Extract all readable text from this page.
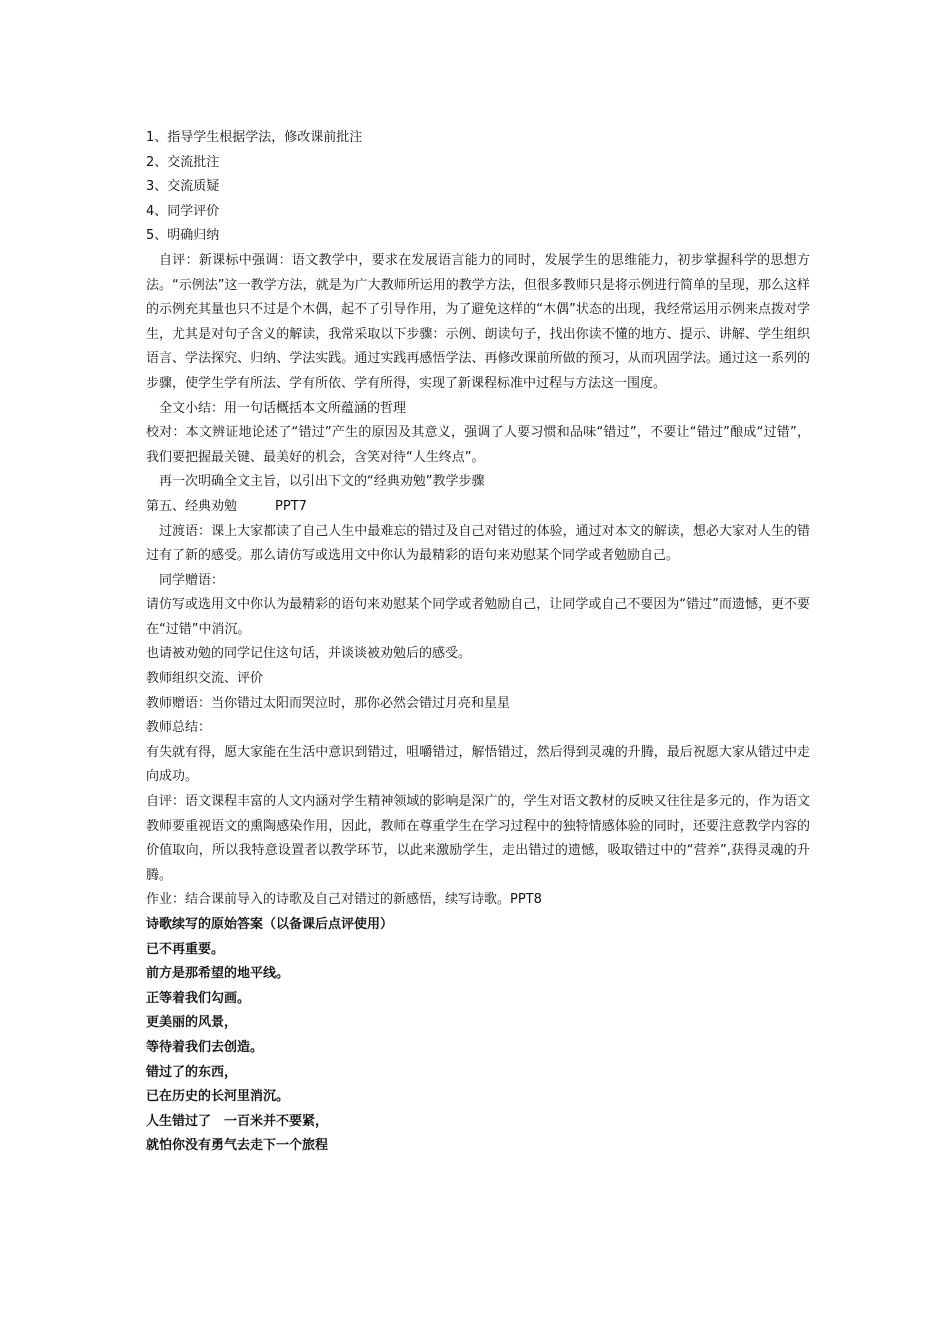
1、指导学生根据学法，修改课前批注
2、交流批注
3、交流质疑
4、同学评价
5、明确归纳

自评：新课标中强调：语文教学中，要求在发展语言能力的同时，发展学生的思维能力，初步掌握科学的思想方法。“示例法”这一教学方法，就是为广大教师所运用的教学方法，但很多教师只是将示例进行简单的呈现，那么这样的示例充其量也只不过是个木偶，起不了引导作用，为了避免这样的“木偶”状态的出现，我经常运用示例来点拨对学生，尤其是对句子含义的解读，我常采取以下步骤：示例、朗读句子，找出你读不懂的地方、提示、讲解、学生组织语言、学法探究、归纳、学法实践。通过实践再感悟学法、再修改课前所做的预习，从而巩固学法。通过这一系列的步骤，使学生学有所法、学有所依、学有所得，实现了新课程标准中过程与方法这一围度。

全文小结：用一句话概括本文所蕴涵的哲理

校对：本文辨证地论述了“错过”产生的原因及其意义，强调了人要习惯和品味“错过”，不要让“错过”酿成“过错”，我们要把握最关键、最美好的机会，含笑对待“人生终点”。

再一次明确全文主旨，以引出下文的“经典劝勉”教学步骤
第五、经典劝勉	PPT7

过渡语：课上大家都读了自己人生中最难忘的错过及自己对错过的体验，通过对本文的解读，想必大家对人生的错过有了新的感受。那么请仿写或选用文中你认为最精彩的语句来劝慰某个同学或者勉励自己。

同学赠语：

请仿写或选用文中你认为最精彩的语句来劝慰某个同学或者勉励自己，让同学或自己不要因为“错过”而遗憾，更不要在“过错”中消沉。

也请被劝勉的同学记住这句话，并谈谈被劝勉后的感受。
教师组织交流、评价
教师赠语：当你错过太阳而哭泣时，那你必然会错过月亮和星星
教师总结：

有失就有得，愿大家能在生活中意识到错过，咀嚼错过，解悟错过，然后得到灵魂的升腾，最后祝愿大家从错过中走向成功。

自评：语文课程丰富的人文内涵对学生精神领域的影响是深广的，学生对语文教材的反映又往往是多元的，作为语文教师要重视语文的熏陶感染作用，因此，教师在尊重学生在学习过程中的独特情感体验的同时，还要注意教学内容的价值取向，所以我特意设置者以教学环节，以此来激励学生，走出错过的遗憾，吸取错过中的“营养”,获得灵魂的升腾。

作业：结合课前导入的诗歌及自己对错过的新感悟，续写诗歌。PPT8
诗歌续写的原始答案（以备课后点评使用）
已不再重要。
前方是那希望的地平线。
正等着我们勾画。
更美丽的风景，
等待着我们去创造。
错过了的东西，
已在历史的长河里消沉。
人生错过了　一百米并不要紧，
就怕你没有勇气去走下一个旅程
